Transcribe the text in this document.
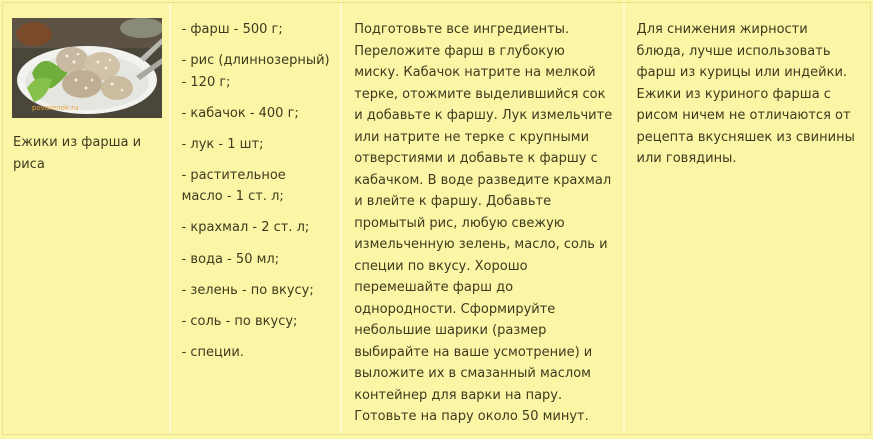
povarenok.ru
Ежики из фарша и риса
- фарш - 500 г;
- рис (длиннозерный) - 120 г;
- кабачок - 400 г;
- лук - 1 шт;
- растительное масло - 1 ст. л;
- крахмал - 2 ст. л;
- вода - 50 мл;
- зелень - по вкусу;
- соль - по вкусу;
- специи.

Подготовьте все ингредиенты. Переложите фарш в глубокую миску. Кабачок натрите на мелкой терке, отожмите выделившийся сок и добавьте к фаршу. Лук измельчите или натрите не терке с крупными отверстиями и добавьте к фаршу с кабачком. В воде разведите крахмал и влейте к фаршу. Добавьте промытый рис, любую свежую измельченную зелень, масло, соль и специи по вкусу. Хорошо перемешайте фарш до однородности. Сформируйте небольшие шарики (размер выбирайте на ваше усмотрение) и выложите их в смазанный маслом контейнер для варки на пару. Готовьте на пару около 50 минут.

Для снижения жирности блюда, лучше использовать фарш из курицы или индейки. Ежики из куриного фарша с рисом ничем не отличаются от рецепта вкусняшек из свинины или говядины.
